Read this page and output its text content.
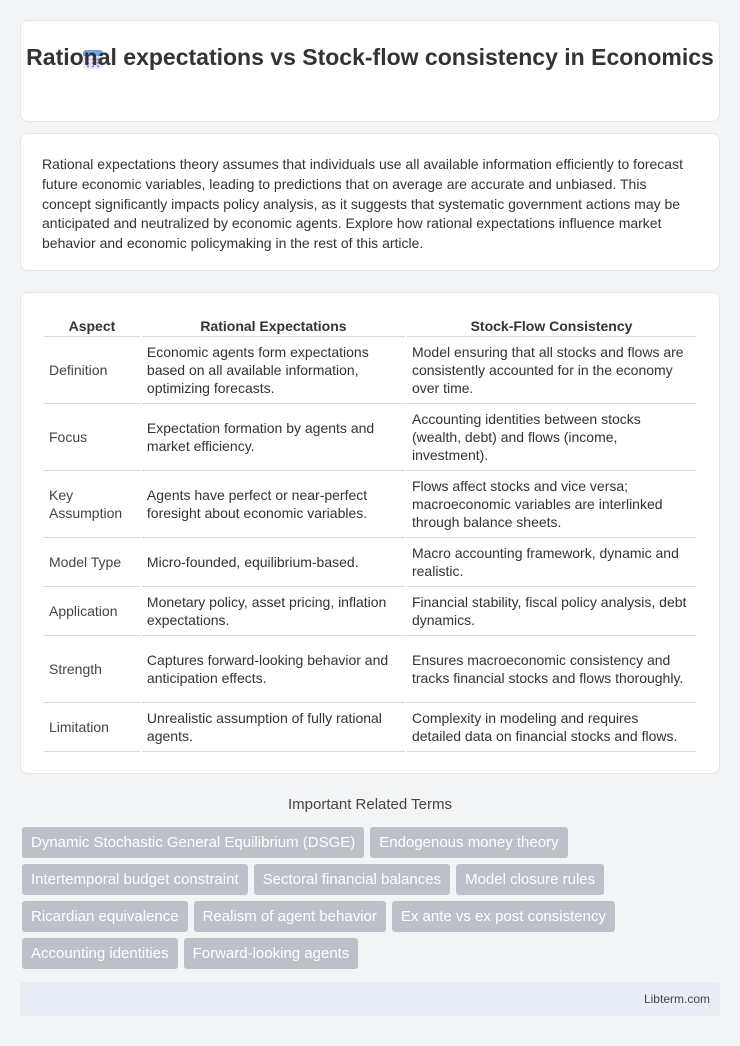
Rational expectations vs Stock-flow consistency in Economics

Rational expectations theory assumes that individuals use all available information efficiently to forecast future economic variables, leading to predictions that on average are accurate and unbiased. This concept significantly impacts policy analysis, as it suggests that systematic government actions may be anticipated and neutralized by economic agents. Explore how rational expectations influence market behavior and economic policymaking in the rest of this article.

Aspect	Rational Expectations	Stock-Flow Consistency
Definition	Economic agents form expectations based on all available information, optimizing forecasts.	Model ensuring that all stocks and flows are consistently accounted for in the economy over time.
Focus	Expectation formation by agents and market efficiency.	Accounting identities between stocks (wealth, debt) and flows (income, investment).
Key Assumption	Agents have perfect or near-perfect foresight about economic variables.	Flows affect stocks and vice versa; macroeconomic variables are interlinked through balance sheets.
Model Type	Micro-founded, equilibrium-based.	Macro accounting framework, dynamic and realistic.
Application	Monetary policy, asset pricing, inflation expectations.	Financial stability, fiscal policy analysis, debt dynamics.
Strength	Captures forward-looking behavior and anticipation effects.	Ensures macroeconomic consistency and tracks financial stocks and flows thoroughly.
Limitation	Unrealistic assumption of fully rational agents.	Complexity in modeling and requires detailed data on financial stocks and flows.
Important Related Terms
Dynamic Stochastic General Equilibrium (DSGE)	Endogenous money theory
Intertemporal budget constraint	Sectoral financial balances	Model closure rules
Ricardian equivalence	Realism of agent behavior	Ex ante vs ex post consistency
Accounting identities	Forward-looking agents
Libterm.com
